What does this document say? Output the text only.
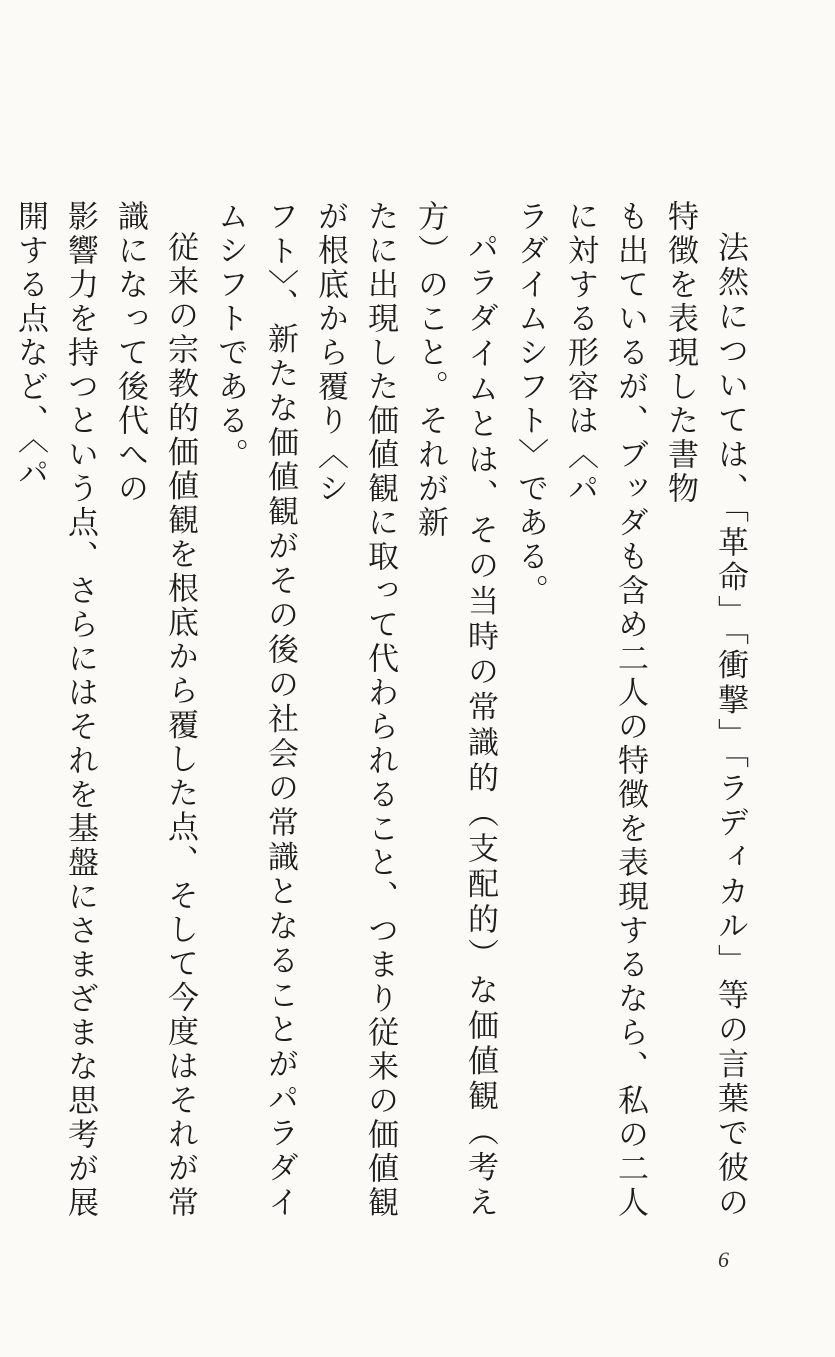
法然については、「革命」「衝撃」「ラディカル」等の言葉で彼の特徴を表現した書物
も出ているが、ブッダも含め二人の特徴を表現するなら、私の二人に対する形容は〈パ
ラダイムシフト〉である。

パラダイムとは、その当時の常識的（支配的）な価値観（考え方）のこと。それが新
たに出現した価値観に取って代わられること、つまり従来の価値観が根底から覆り〈シ
フト〉、新たな価値観がその後の社会の常識となることがパラダイムシフトである。

従来の宗教的価値観を根底から覆した点、そして今度はそれが常識になって後代への
影響力を持つという点、さらにはそれを基盤にさまざまな思考が展開する点など、〈パ

6
